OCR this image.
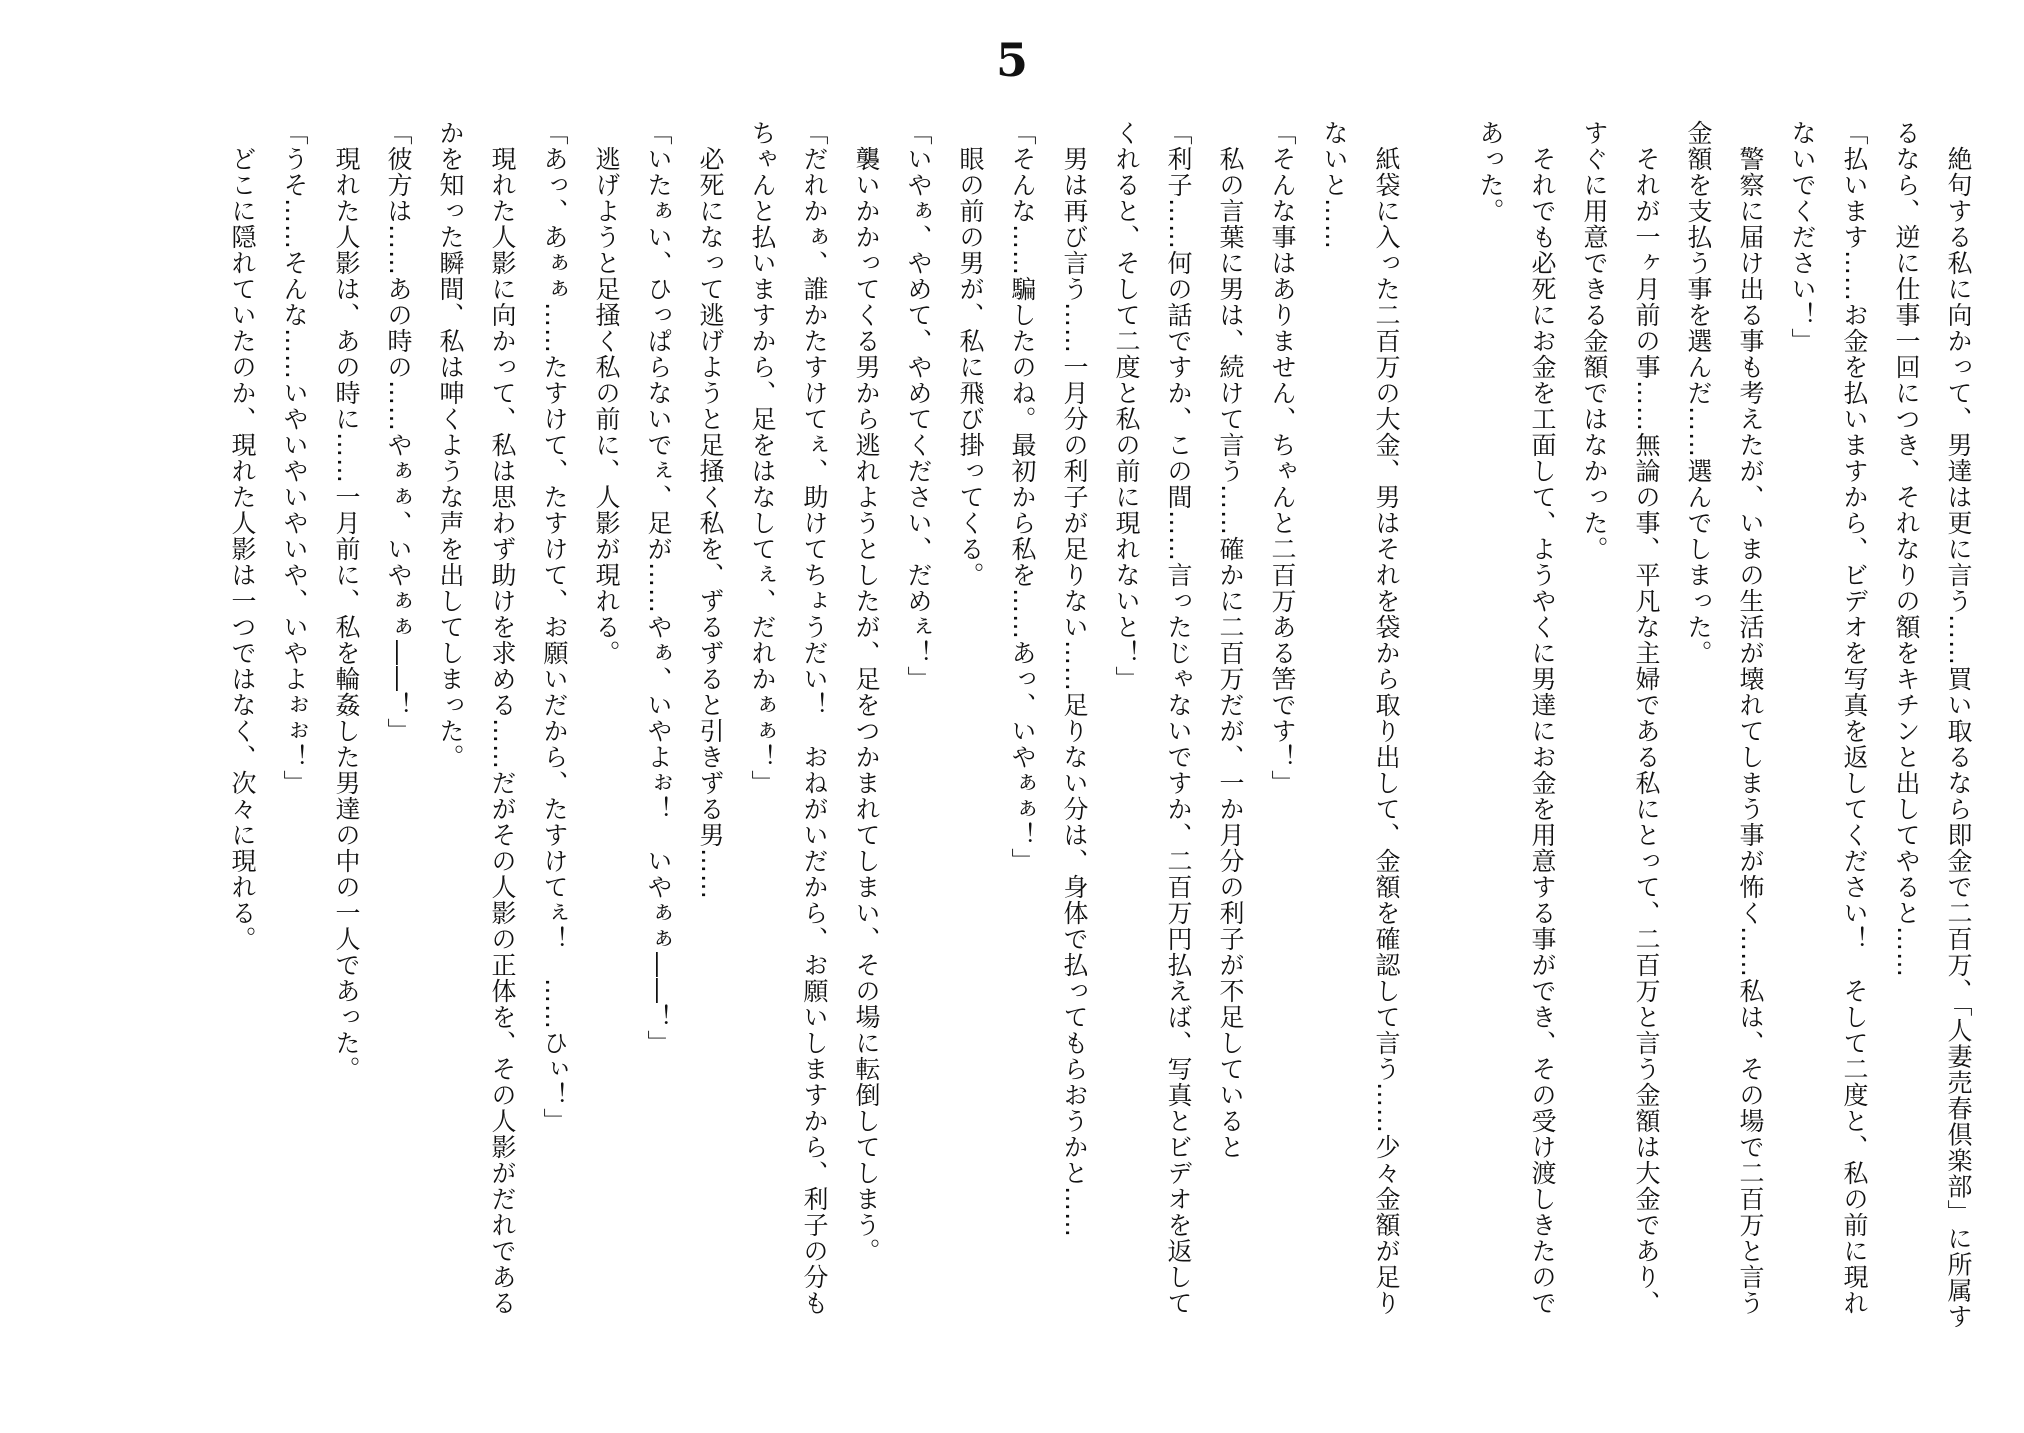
5
　絶句する私に向かって、男達は更に言う……買い取るなら即金で二百万、「人妻売春倶楽部」に所属す
るなら、逆に仕事一回につき、それなりの額をキチンと出してやると……
「払います……お金を払いますから、ビデオを写真を返してください！　そして二度と、私の前に現れ
ないでください！」
　警察に届け出る事も考えたが、いまの生活が壊れてしまう事が怖く……私は、その場で二百万と言う
金額を支払う事を選んだ……選んでしまった。
　それが一ヶ月前の事……無論の事、平凡な主婦である私にとって、二百万と言う金額は大金であり、
すぐに用意できる金額ではなかった。
　それでも必死にお金を工面して、ようやくに男達にお金を用意する事ができ、その受け渡しきたので
あった。

　紙袋に入った二百万の大金、男はそれを袋から取り出して、金額を確認して言う……少々金額が足り
ないと……
「そんな事はありません、ちゃんと二百万ある筈です！」
　私の言葉に男は、続けて言う……確かに二百万だが、一か月分の利子が不足していると
「利子……何の話ですか、この間……言ったじゃないですか、二百万円払えば、写真とビデオを返して
くれると、そして二度と私の前に現れないと！」
　男は再び言う……一月分の利子が足りない……足りない分は、身体で払ってもらおうかと……
「そんな……騙したのね。最初から私を……あっ、いやぁぁ！」
　眼の前の男が、私に飛び掛ってくる。
「いやぁ、やめて、やめてください、だめぇ！」
　襲いかかってくる男から逃れようとしたが、足をつかまれてしまい、その場に転倒してしまう。
「だれかぁ、誰かたすけてぇ、助けてちょうだい！　おねがいだから、お願いしますから、利子の分も
ちゃんと払いますから、足をはなしてぇ、だれかぁぁ！」
　必死になって逃げようと足掻く私を、ずるずると引きずる男……
「いたぁい、ひっぱらないでぇ、足が……やぁ、いやよぉ！　いやぁぁ――！」
　逃げようと足掻く私の前に、人影が現れる。
「あっ、あぁぁ……たすけて、たすけて、お願いだから、たすけてぇ！　……ひぃ！」
　現れた人影に向かって、私は思わず助けを求める……だがその人影の正体を、その人影がだれである
かを知った瞬間、私は呻くような声を出してしまった。
「彼方は……あの時の……やぁぁ、いやぁぁ――！」
　現れた人影は、あの時に……一月前に、私を輪姦した男達の中の一人であった。
「うそ……そんな……いやいやいやいや、いやよぉぉ！」
　どこに隠れていたのか、現れた人影は一つではなく、次々に現れる。
